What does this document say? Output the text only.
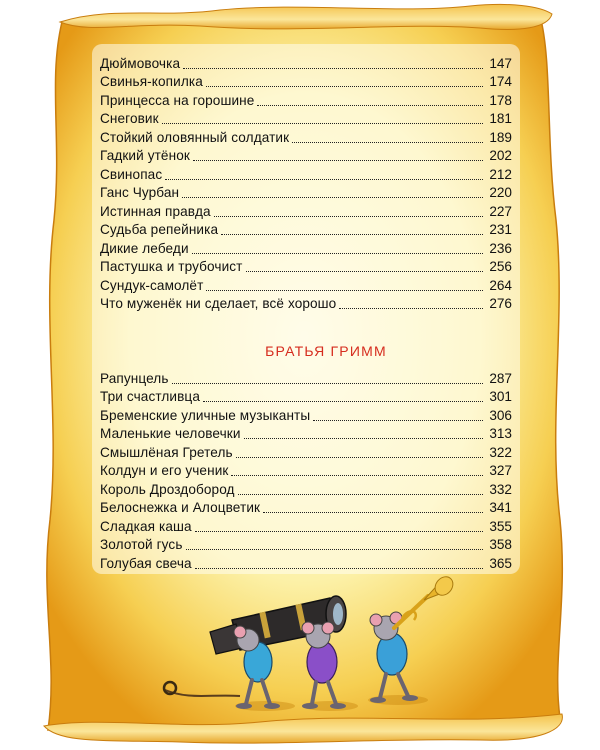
Дюймовочка	147
Свинья-копилка	174
Принцесса на горошине	178
Снеговик	181
Стойкий оловянный солдатик	189
Гадкий утёнок	202
Свинопас	212
Ганс Чурбан	220
Истинная правда	227
Судьба репейника	231
Дикие лебеди	236
Пастушка и трубочист	256
Сундук-самолёт	264
Что муженёк ни сделает, всё хорошо	276
БРАТЬЯ ГРИММ
Рапунцель	287
Три счастливца	301
Бременские уличные музыканты	306
Маленькие человечки	313
Смышлёная Гретель	322
Колдун и его ученик	327
Король Дроздобород	332
Белоснежка и Алоцветик	341
Сладкая каша	355
Золотой гусь	358
Голубая свеча	365
